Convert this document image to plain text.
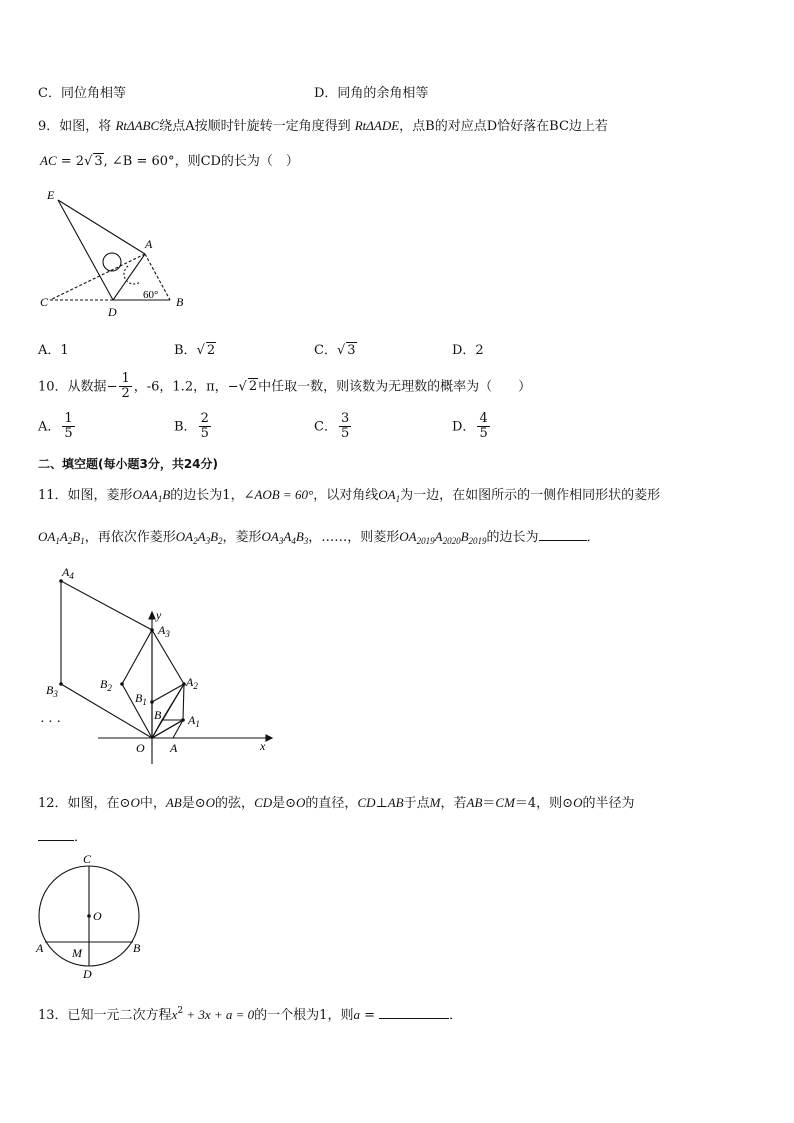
C．同位角相等	D．同角的余角相等
9．如图，将 RtΔABC绕点A按顺时针旋转一定角度得到 RtΔADE，点B的对应点D恰好落在BC边上若
AC = 2√ 3, ∠B = 60°，则CD的长为（　）
E
A
C
D
B
60°
A．1	B．√ 2	C．√ 3	D．2
10．从数据− $\frac{1}{2}$ ，-6，1.2，π，−√ 2中任取一数，则该数为无理数的概率为（　　）
A． $\frac{1}{5}$	B． $\frac{2}{5}$	C． $\frac{3}{5}$	D． $\frac{4}{5}$
二、填空题(每小题3分，共24分)
11．如图，菱形$OAA_1B$的边长为1，∠AOB = 60°，以对角线$OA_1$为一边，在如图所示的一侧作相同形状的菱形
$OA_1A_2B_1$，再依次作菱形$OA_2A_3B_2$，菱形$OA_3A_4B_3$，……，则菱形$OA_{2019}A_{2020}B_{2019}$的边长为	．
$A_4$
y
$A_3$
$A_2$
$B_2$
$B_3$	$B_1$
B $A_1$
O A	x
· · ·
12．如图，在⊙O中，AB是⊙O的弦，CD是⊙O的直径，CD⊥AB于点M，若AB＝CM＝4，则⊙O的半径为
．
C
O
A M	B
D
13．已知一元二次方程$x^2 + 3x + a = 0$的一个根为1，则a =	．
